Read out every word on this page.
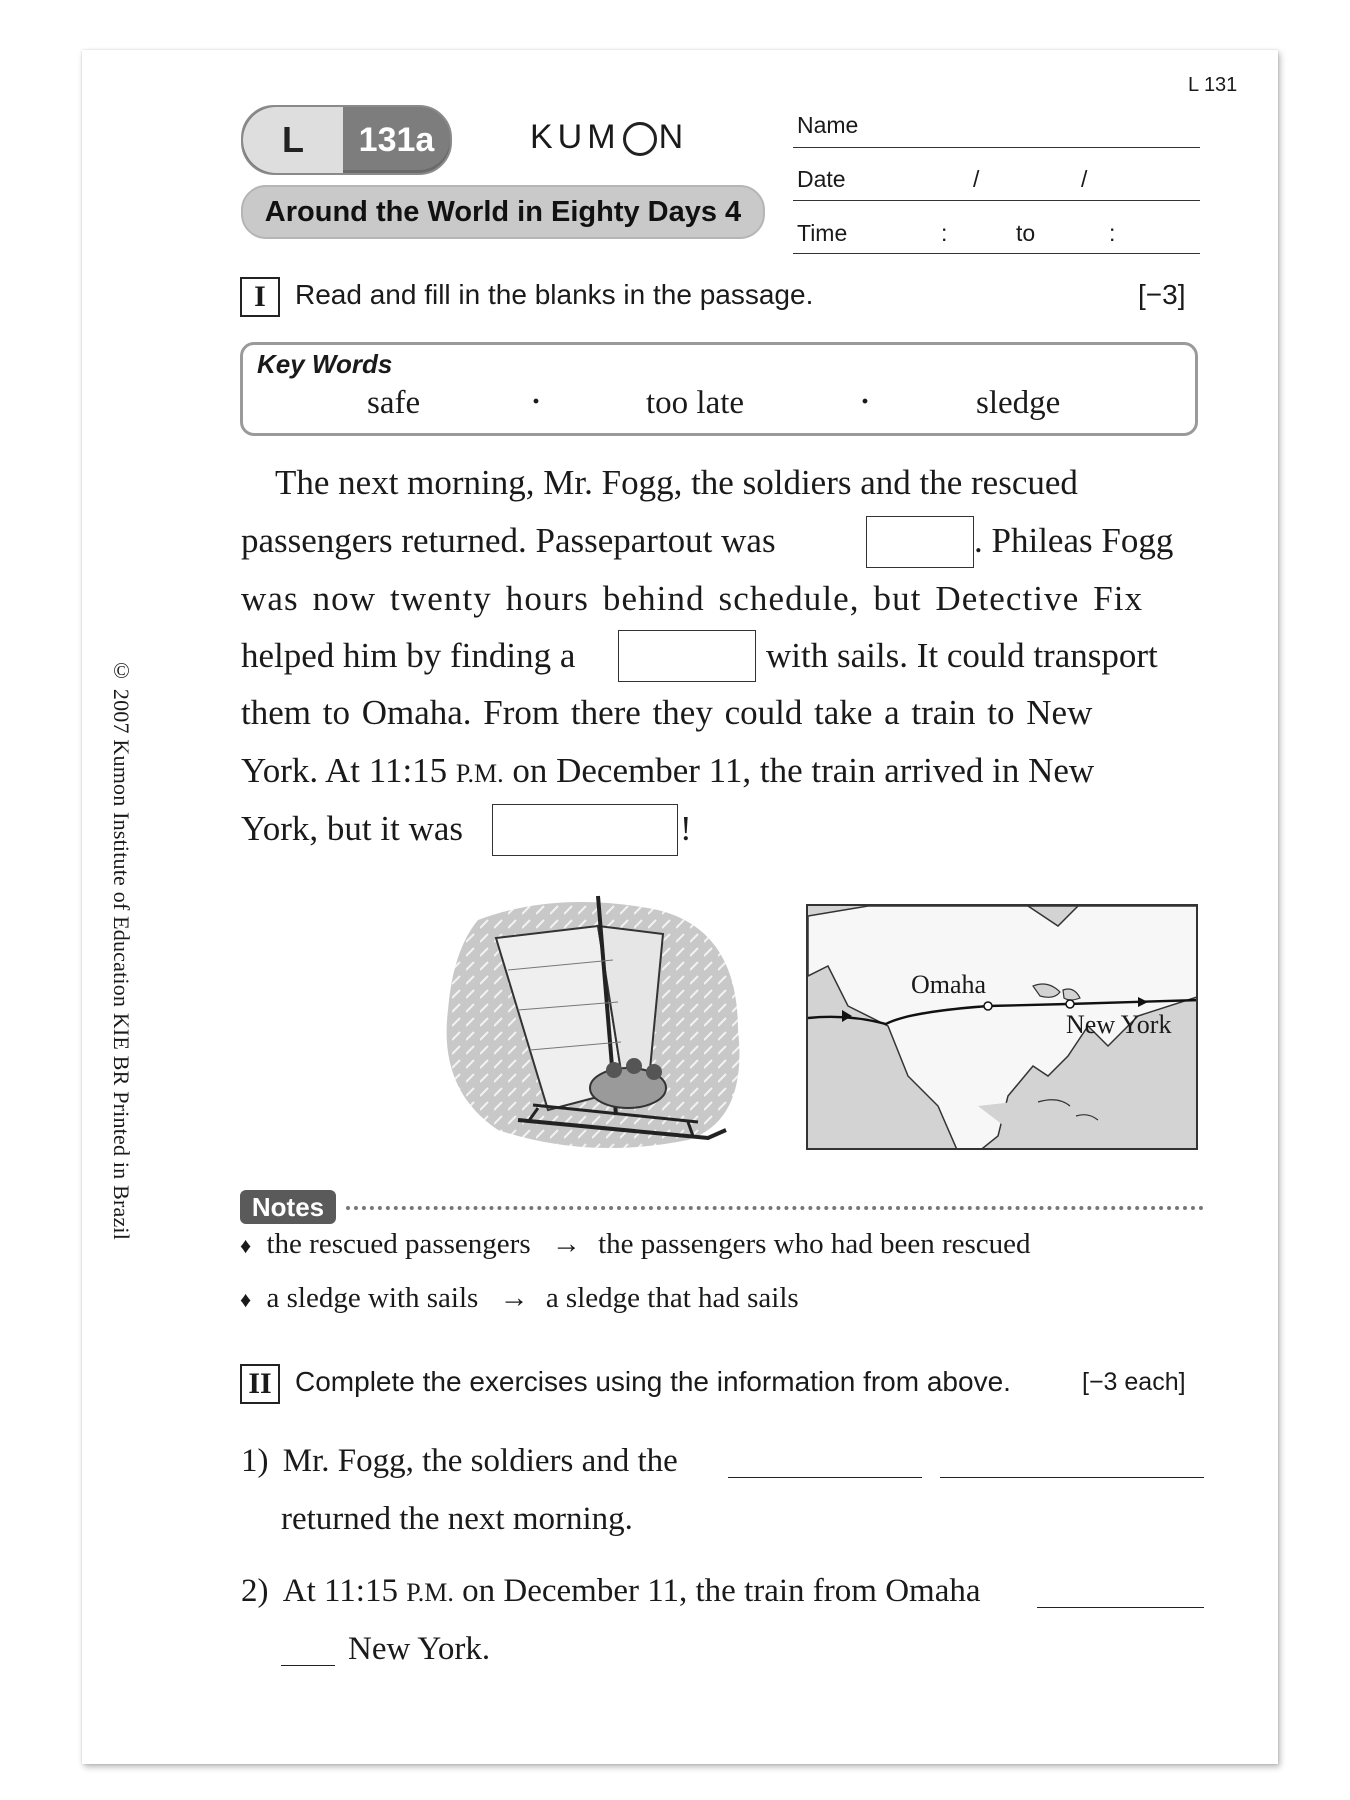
L 131
L	131a	KUM N
Around the World in Eighty Days 4
Name
Date	/	/
Time	:	to	:
I	Read and fill in the blanks in the passage.	[−3]
Key Words
safe	·	too late	·	sledge
The next morning, Mr. Fogg, the soldiers and the rescued
passengers returned. Passepartout was	. Phileas Fogg
was now twenty hours behind schedule, but Detective Fix
helped him by finding a	with sails. It could transport
them to Omaha. From there they could take a train to New
York. At 11:15 P.M. on December 11, the train arrived in New
York, but it was	!
Omaha
New York
Notes
♦ the rescued passengers → the passengers who had been rescued
♦ a sledge with sails → a sledge that had sails
II Complete the exercises using the information from above.	[−3 each]
1) Mr. Fogg, the soldiers and the
returned the next morning.
2) At 11:15 P.M. on December 11, the train from Omaha
New York.
© 2007 Kumon Institute of Education KIE BR Printed in Brazil
